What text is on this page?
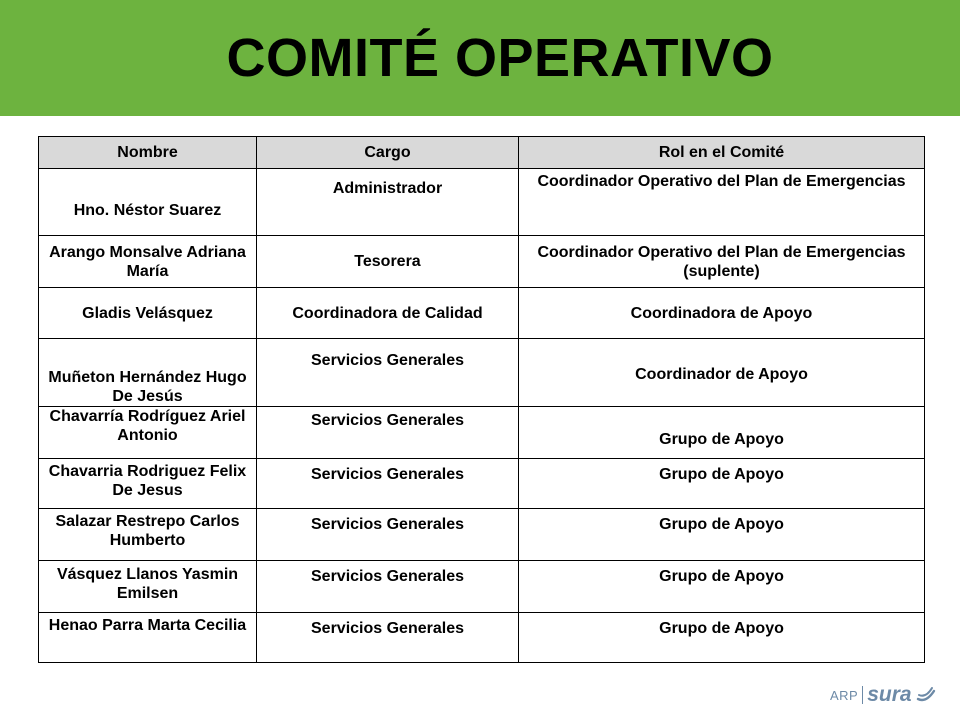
COMITÉ OPERATIVO
Nombre	Cargo	Rol en el Comité
Hno. Néstor Suarez	Administrador	Coordinador Operativo del Plan de Emergencias
Arango Monsalve Adriana María	Tesorera	Coordinador Operativo del Plan de Emergencias (suplente)
Gladis Velásquez	Coordinadora de Calidad	Coordinadora de Apoyo
Muñeton Hernández Hugo De Jesús	Servicios Generales	Coordinador de Apoyo
Chavarría Rodríguez Ariel Antonio	Servicios Generales	Grupo de Apoyo
Chavarria Rodriguez Felix De Jesus	Servicios Generales	Grupo de Apoyo
Salazar Restrepo Carlos Humberto	Servicios Generales	Grupo de Apoyo
Vásquez Llanos Yasmin Emilsen	Servicios Generales	Grupo de Apoyo
Henao Parra Marta Cecilia	Servicios Generales	Grupo de Apoyo
ARP sura
